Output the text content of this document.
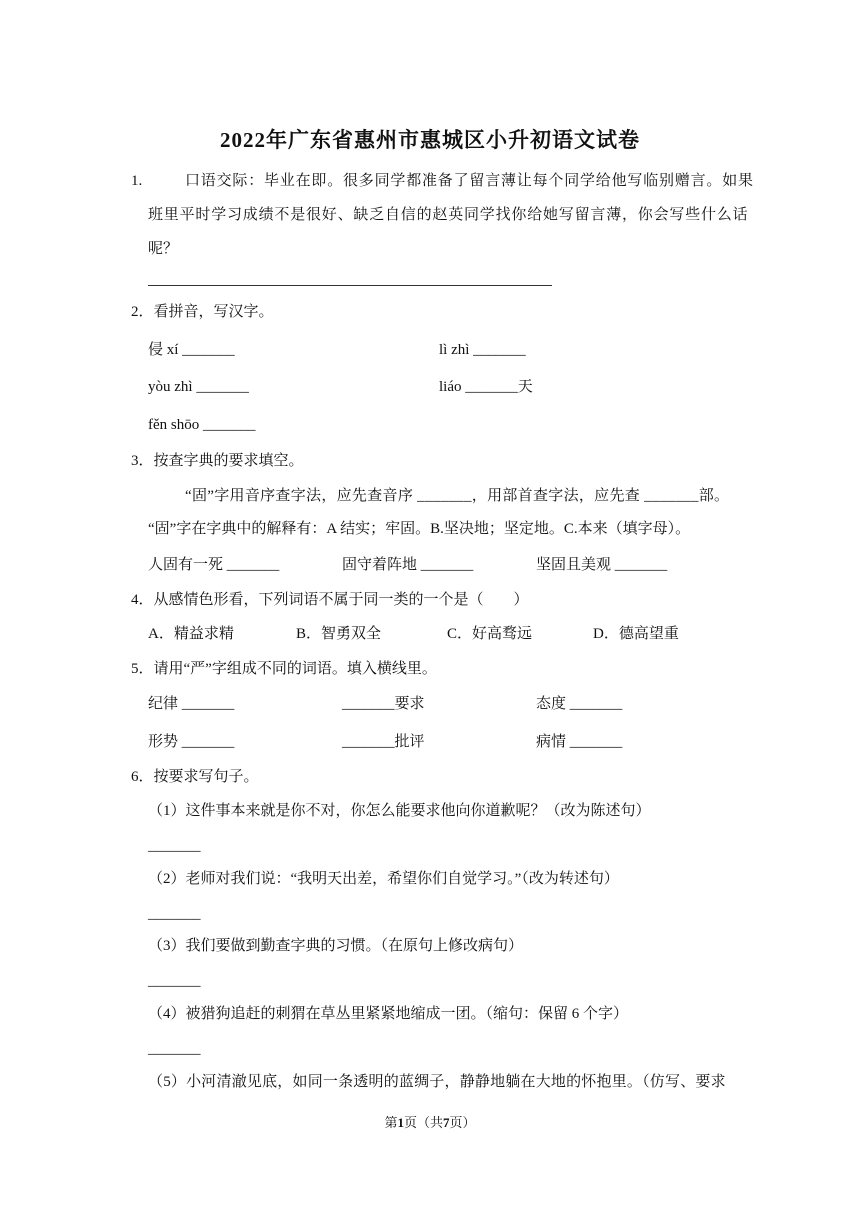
2022年广东省惠州市惠城区小升初语文试卷
1.	口语交际：毕业在即。很多同学都准备了留言薄让每个同学给他写临别赠言。如果
班里平时学习成绩不是很好、缺乏自信的赵英同学找你给她写留言薄，你会写些什么话
呢？
2．看拼音，写汉字。
侵 xí _______	lì zhì _______
yòu zhì _______	liáo _______天
fěn shōo _______
3．按查字典的要求填空。
“固”字用音序查字法，应先查音序 _______，用部首查字法，应先查 _______部。
“固”字在字典中的解释有：A 结实；牢固。B.坚决地；坚定地。C.本来（填字母）。
人固有一死 _______	固守着阵地 _______	坚固且美观 _______
4．从感情色形看，下列词语不属于同一类的一个是（　　）
A．精益求精	B．智勇双全	C．好高骛远	D．德高望重
5．请用“严”字组成不同的词语。填入横线里。
纪律 _______	_______要求	态度 _______
形势 _______	_______批评	病情 _______
6．按要求写句子。
（1）这件事本来就是你不对，你怎么能要求他向你道歉呢？（改为陈述句）
_______
（2）老师对我们说：“我明天出差，希望你们自觉学习。”（改为转述句）
_______
（3）我们要做到勤查字典的习惯。（在原句上修改病句）
_______
（4）被猎狗追赶的刺猬在草丛里紧紧地缩成一团。（缩句：保留 6 个字）
_______
（5）小河清澈见底，如同一条透明的蓝绸子，静静地躺在大地的怀抱里。（仿写、要求
第1页（共7页）
